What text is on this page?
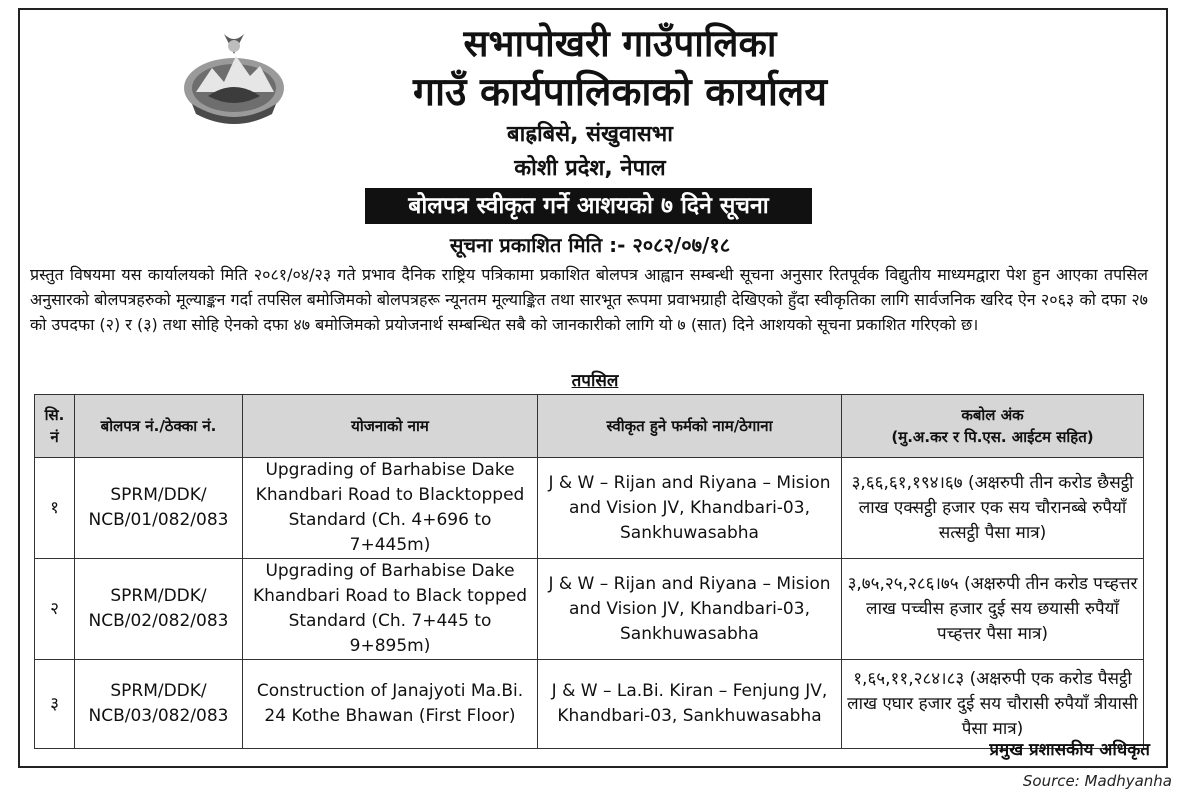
सभापोखरी गाउँपालिका
गाउँ कार्यपालिकाको कार्यालय
बाह्रबिसे, संखुवासभा
कोशी प्रदेश, नेपाल
बोलपत्र स्वीकृत गर्ने आशयको ७ दिने सूचना
सूचना प्रकाशित मिति :- २०८२/०७/१८
प्रस्तुत विषयमा यस कार्यालयको मिति २०८१/०४/२३ गते प्रभाव दैनिक राष्ट्रिय पत्रिकामा प्रकाशित बोलपत्र आह्वान सम्बन्धी सूचना अनुसार रितपूर्वक विद्युतीय माध्यमद्वारा पेश हुन आएका तपसिल अनुसारको बोलपत्रहरुको मूल्याङ्कन गर्दा तपसिल बमोजिमको बोलपत्रहरू न्यूनतम मूल्याङ्कित तथा सारभूत रूपमा प्रवाभग्राही देखिएको हुँदा स्वीकृतिका लागि सार्वजनिक खरिद ऐन २०६३ को दफा २७ को उपदफा (२) र (३) तथा सोहि ऐनको दफा ४७ बमोजिमको प्रयोजनार्थ सम्बन्धित सबै को जानकारीको लागि यो ७ (सात) दिने आशयको सूचना प्रकाशित गरिएको छ।
तपसिल
सि. नं	बोलपत्र नं./ठेक्का नं.	योजनाको नाम	स्वीकृत हुने फर्मको नाम/ठेगाना	कबोल अंक
(मु.अ.कर र पि.एस. आईटम सहित)

१	SPRM/DDK/ NCB/01/082/083	Upgrading of Barhabise Dake Khandbari Road to Blacktopped Standard (Ch. 4+696 to 7+445m)	J & W – Rijan and Riyana – Mision and Vision JV, Khandbari-03, Sankhuwasabha	३,६६,६१,१९४।६७ (अक्षरुपी तीन करोड छैसट्ठी लाख एक्सट्ठी हजार एक सय चौरानब्बे रुपैयाँ सत्सट्ठी पैसा मात्र)
२	SPRM/DDK/ NCB/02/082/083	Upgrading of Barhabise Dake Khandbari Road to Black topped Standard (Ch. 7+445 to 9+895m)	J & W – Rijan and Riyana – Mision and Vision JV, Khandbari-03, Sankhuwasabha	३,७५,२५,२८६।७५ (अक्षरुपी तीन करोड पच्हत्तर लाख पच्चीस हजार दुई सय छयासी रुपैयाँ पच्हत्तर पैसा मात्र)
३	SPRM/DDK/ NCB/03/082/083	Construction of Janajyoti Ma.Bi. 24 Kothe Bhawan (First Floor)	J & W – La.Bi. Kiran – Fenjung JV, Khandbari-03, Sankhuwasabha	१,६५,११,२८४।८३ (अक्षरुपी एक करोड पैसट्ठी लाख एघार हजार दुई सय चौरासी रुपैयाँ त्रीयासी पैसा मात्र)
प्रमुख प्रशासकीय अधिकृत
Source: Madhyanha
